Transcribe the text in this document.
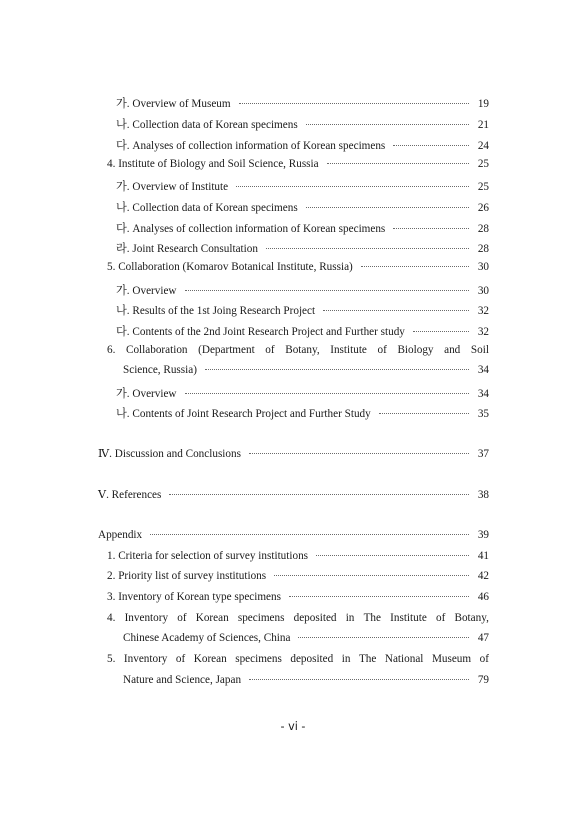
가. Overview of Museum	19
나. Collection data of Korean specimens	21
다. Analyses of collection information of Korean specimens	24
4. Institute of Biology and Soil Science, Russia	25
가. Overview of Institute	25
나. Collection data of Korean specimens	26
다. Analyses of collection information of Korean specimens	28
라. Joint Research Consultation	28
5. Collaboration (Komarov Botanical Institute, Russia)	30
가. Overview	30
나. Results of the 1st Joing Research Project	32
다. Contents of the 2nd Joint Research Project and Further study	32
6. Collaboration (Department of Botany, Institute of Biology and Soil
Science, Russia)	34
가. Overview	34
나. Contents of Joint Research Project and Further Study	35
Ⅳ. Discussion and Conclusions	37
Ⅴ. References	38
Appendix	39
1. Criteria for selection of survey institutions	41
2. Priority list of survey institutions	42
3. Inventory of Korean type specimens	46
4. Inventory of Korean specimens deposited in The Institute of Botany,
Chinese Academy of Sciences, China	47
5. Inventory of Korean specimens deposited in The National Museum of
Nature and Science, Japan	79
- vi -
